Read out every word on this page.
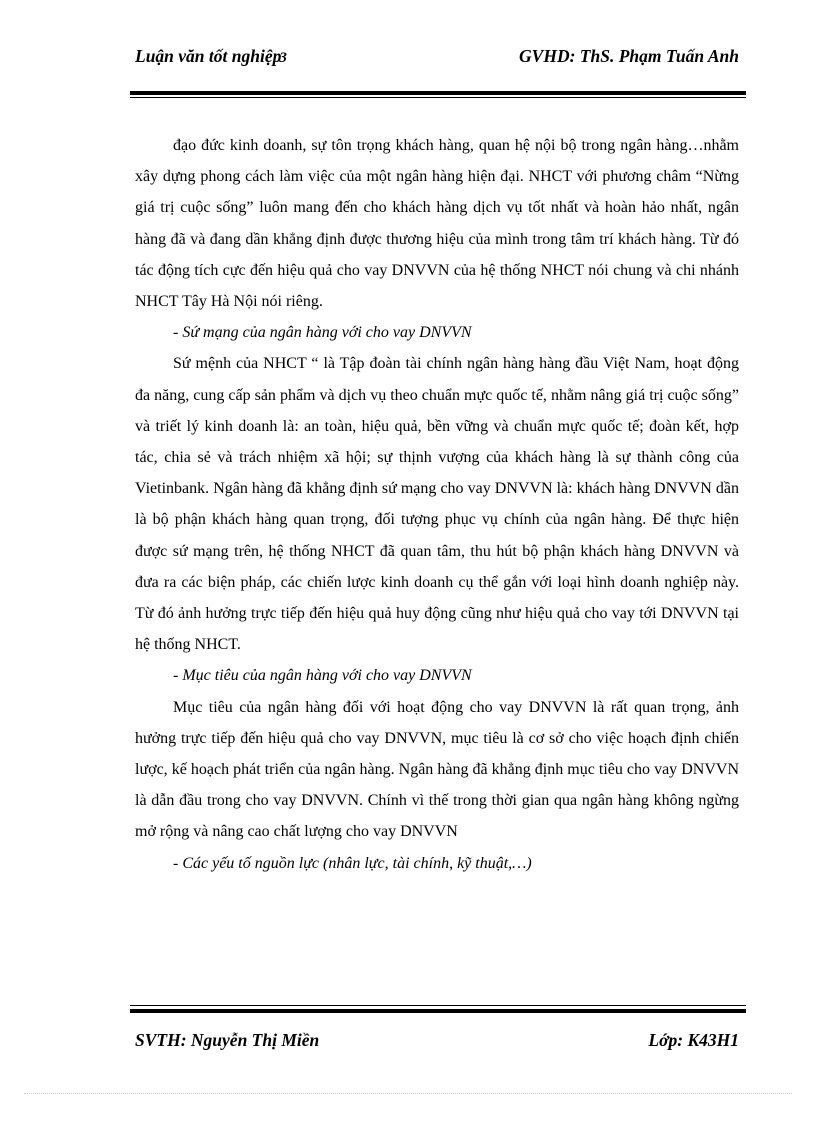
Luận văn tốt nghiệp3	GVHD: ThS. Phạm Tuấn Anh

đạo đức kinh doanh, sự tôn trọng khách hàng, quan hệ nội bộ trong ngân hàng…nhằm xây dựng phong cách làm việc của một ngân hàng hiện đại. NHCT với phương châm “Nừng giá trị cuộc sống” luôn mang đến cho khách hàng dịch vụ tốt nhất và hoàn hảo nhất, ngân hàng đã và đang dần khẳng định được thương hiệu của mình trong tâm trí khách hàng. Từ đó tác động tích cực đến hiệu quả cho vay DNVVN của hệ thống NHCT nói chung và chi nhánh NHCT Tây Hà Nội nói riêng.

- Sứ mạng của ngân hàng với cho vay DNVVN

Sứ mệnh của NHCT “ là Tập đoàn tài chính ngân hàng hàng đầu Việt Nam, hoạt động đa năng, cung cấp sản phẩm và dịch vụ theo chuẩn mực quốc tế, nhằm nâng giá trị cuộc sống” và triết lý kinh doanh là: an toàn, hiệu quả, bền vững và chuẩn mực quốc tế; đoàn kết, hợp tác, chia sẻ và trách nhiệm xã hội; sự thịnh vượng của khách hàng là sự thành công của Vietinbank. Ngân hàng đã khẳng định sứ mạng cho vay DNVVN là: khách hàng DNVVN dần là bộ phận khách hàng quan trọng, đối tượng phục vụ chính của ngân hàng. Để thực hiện được sứ mạng trên, hệ thống NHCT đã quan tâm, thu hút bộ phận khách hàng DNVVN và đưa ra các biện pháp, các chiến lược kinh doanh cụ thể gắn với loại hình doanh nghiệp này. Từ đó ảnh hưởng trực tiếp đến hiệu quả huy động cũng như hiệu quả cho vay tới DNVVN tại hệ thống NHCT.

- Mục tiêu của ngân hàng với cho vay DNVVN

Mục tiêu của ngân hàng đối với hoạt động cho vay DNVVN là rất quan trọng, ảnh hưởng trực tiếp đến hiệu quả cho vay DNVVN, mục tiêu là cơ sở cho việc hoạch định chiến lược, kế hoạch phát triển của ngân hàng. Ngân hàng đã khẳng định mục tiêu cho vay DNVVN là dẫn đầu trong cho vay DNVVN. Chính vì thế trong thời gian qua ngân hàng không ngừng mở rộng và nâng cao chất lượng cho vay DNVVN

- Các yếu tố nguồn lực (nhân lực, tài chính, kỹ thuật,…)

SVTH: Nguyễn Thị Miền	Lớp: K43H1
